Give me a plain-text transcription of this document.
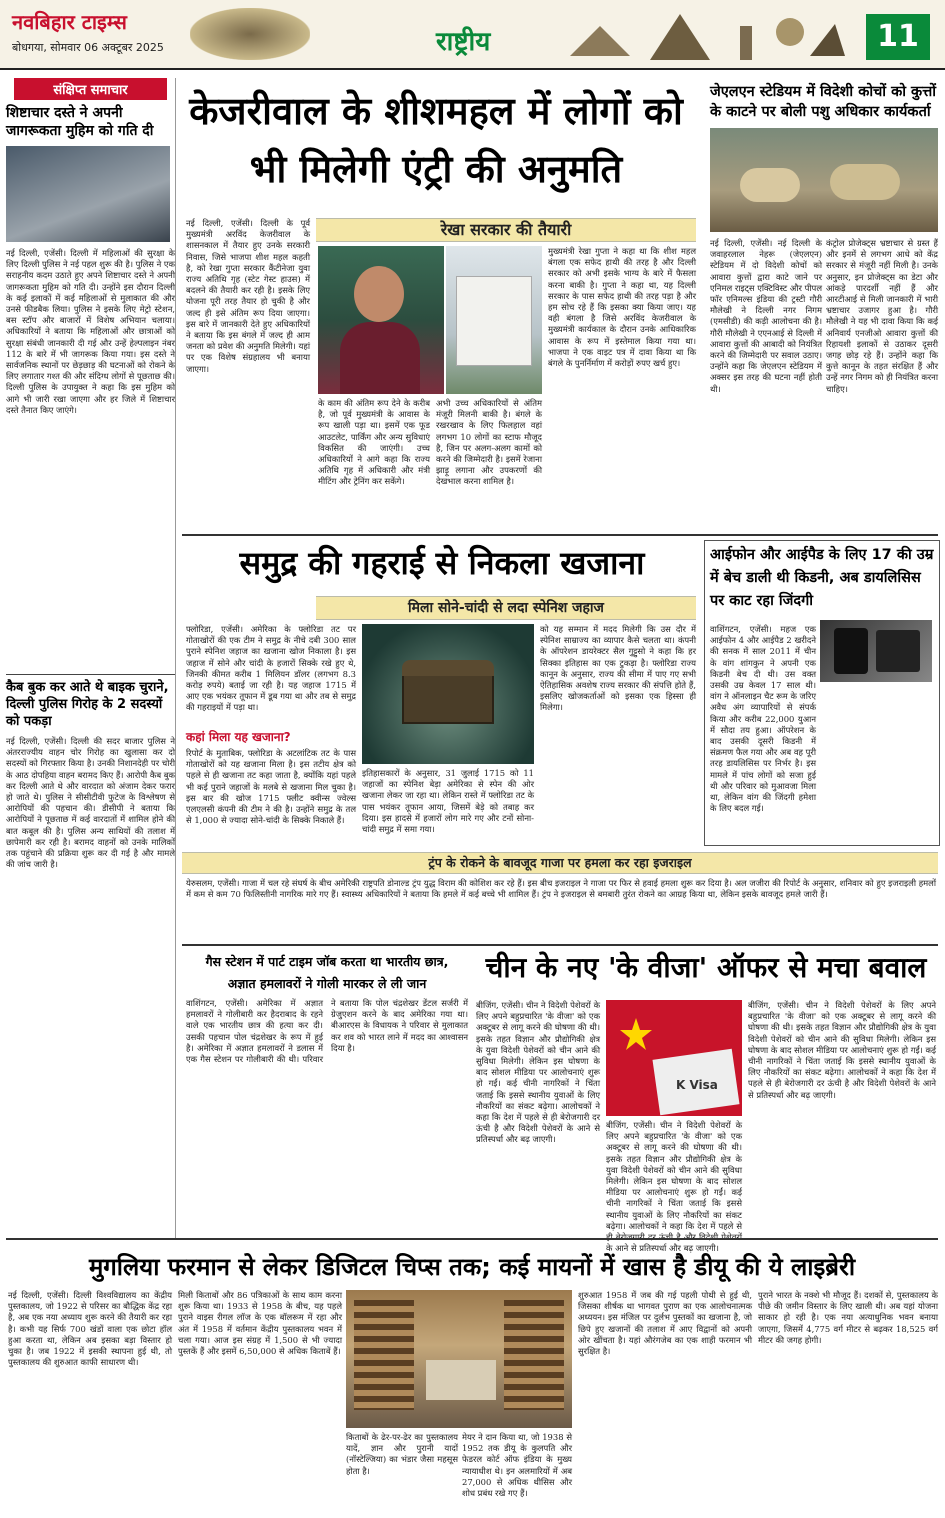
नवबिहार टाइम्स
बोधगया, सोमवार 06 अक्टूबर 2025	राष्ट्रीय	11
संक्षिप्त समाचार
शिष्टाचार दस्ते ने अपनी जागरूकता मुहिम को गति दी
नई दिल्ली, एजेंसी। दिल्ली में महिलाओं की सुरक्षा के लिए दिल्ली पुलिस ने नई पहल शुरू की है। पुलिस ने एक सराहनीय कदम उठाते हुए अपने शिष्टाचार दस्ते ने अपनी जागरूकता मुहिम को गति दी। उन्होंने इस दौरान दिल्ली के कई इलाकों में कई महिलाओं से मुलाकात की और उनसे फीडबैक लिया। पुलिस ने इसके लिए मेट्रो स्टेशन, बस स्टॉप और बाजारों में विशेष अभियान चलाया। अधिकारियों ने बताया कि महिलाओं और छात्राओं को सुरक्षा संबंधी जानकारी दी गई और उन्हें हेल्पलाइन नंबर 112 के बारे में भी जागरूक किया गया। इस दस्ते ने सार्वजनिक स्थानों पर छेड़छाड़ की घटनाओं को रोकने के लिए लगातार गश्त की और संदिग्ध लोगों से पूछताछ की। दिल्ली पुलिस के उपायुक्त ने कहा कि इस मुहिम को आगे भी जारी रखा जाएगा और हर जिले में शिष्टाचार दस्ते तैनात किए जाएंगे।
कैब बुक कर आते थे बाइक चुराने, दिल्ली पुलिस गिरोह के 2 सदस्यों को पकड़ा
नई दिल्ली, एजेंसी। दिल्ली की सदर बाजार पुलिस ने अंतरराज्यीय वाहन चोर गिरोह का खुलासा कर दो सदस्यों को गिरफ्तार किया है। उनकी निशानदेही पर चोरी के आठ दोपहिया वाहन बरामद किए हैं। आरोपी कैब बुक कर दिल्ली आते थे और वारदात को अंजाम देकर फरार हो जाते थे। पुलिस ने सीसीटीवी फुटेज के विश्लेषण से आरोपियों की पहचान की। डीसीपी ने बताया कि आरोपियों ने पूछताछ में कई वारदातों में शामिल होने की बात कबूल की है। पुलिस अन्य साथियों की तलाश में छापेमारी कर रही है। बरामद वाहनों को उनके मालिकों तक पहुंचाने की प्रक्रिया शुरू कर दी गई है और मामले की जांच जारी है।
केजरीवाल के शीशमहल में लोगों को भी मिलेगी एंट्री की अनुमति
रेखा सरकार की तैयारी
नई दिल्ली, एजेंसी। दिल्ली के पूर्व मुख्यमंत्री अरविंद केजरीवाल के शासनकाल में तैयार हुए उनके सरकारी निवास, जिसे भाजपा शीश महल कहती है, को रेखा गुप्ता सरकार कैंटीनेजा युवा राज्य अतिथि गृह (स्टेट गेस्ट हाउस) में बदलने की तैयारी कर रही है। इसके लिए योजना पूरी तरह तैयार हो चुकी है और जल्द ही इसे अंतिम रूप दिया जाएगा। इस बारे में जानकारी देते हुए अधिकारियों ने बताया कि इस बंगले में जल्द ही आम जनता को प्रवेश की अनुमति मिलेगी। यहां पर एक विशेष संग्रहालय भी बनाया जाएगा।
के काम की अंतिम रूप देने के करीब है, जो पूर्व मुख्यमंत्री के आवास के रूप खाली पड़ा था। इसमें एक फूड आउटलेट, पार्किंग और अन्य सुविधाएं विकसित की जाएंगी। उच्च अधिकारियों ने आगे कहा कि राज्य अतिथि गृह में अधिकारी और मंत्री मीटिंग और ट्रेनिंग कर सकेंगे।
अभी उच्च अधिकारियों से अंतिम मंजूरी मिलनी बाकी है। बंगले के रखरखाव के लिए फिलहाल वहां लगभग 10 लोगों का स्टाफ मौजूद है, जिन पर अलग-अलग कामों को करने की जिम्मेदारी है। इसमें रेजाना झाड़ू लगाना और उपकरणों की देखभाल करना शामिल है।
मुख्यमंत्री रेखा गुप्ता ने कहा था कि शीश महल बंगला एक सफेद हाथी की तरह है और दिल्ली सरकार को अभी इसके भाग्य के बारे में फैसला करना बाकी है। गुप्ता ने कहा था, यह दिल्ली सरकार के पास सफेद हाथी की तरह पड़ा है और हम सोच रहे हैं कि इसका क्या किया जाए। यह वही बंगला है जिसे अरविंद केजरीवाल के मुख्यमंत्री कार्यकाल के दौरान उनके आधिकारिक आवास के रूप में इस्तेमाल किया गया था। भाजपा ने एक वाइट पत्र में दावा किया था कि बंगले के पुनर्निर्माण में करोड़ों रुपए खर्च हुए।
जेएलएन स्टेडियम में विदेशी कोचों को कुत्तों के काटने पर बोली पशु अधिकार कार्यकर्ता
नई दिल्ली, एजेंसी। नई दिल्ली के जवाहरलाल नेहरू (जेएलएन) स्टेडियम में दो विदेशी कोचों को आवारा कुत्तों द्वारा काटे जाने पर एनिमल राइट्स एक्टिविस्ट और पीपल फॉर एनिमल्स इंडिया की ट्रस्टी गौरी मौलेखी ने दिल्ली नगर निगम (एमसीडी) की कड़ी आलोचना की है। गौरी मौलेखी ने एएनआई से दिल्ली में आवारा कुत्तों की आबादी को नियंत्रित करने की जिम्मेदारी पर सवाल उठाए। उन्होंने कहा कि जेएलएन स्टेडियम में अक्सर इस तरह की घटना नहीं होती थी।
कंट्रोल प्रोजेक्ट्स भ्रष्टाचार से ग्रस्त हैं और इनमें से लगभग आधे को केंद्र सरकार से मंजूरी नहीं मिली है। उनके अनुसार, इन प्रोजेक्ट्स का डेटा और आंकड़े पारदर्शी नहीं हैं और आरटीआई से मिली जानकारी में भारी भ्रष्टाचार उजागर हुआ है। गौरी मौलेखी ने यह भी दावा किया कि कई अनिवार्य एनजीओ आवारा कुत्तों की रिहायशी इलाकों से उठाकर दूसरी जगह छोड़ रहे हैं। उन्होंने कहा कि कुत्ते कानून के तहत संरक्षित हैं और उन्हें नगर निगम को ही नियंत्रित करना चाहिए।
समुद्र की गहराई से निकला खजाना
मिला सोने-चांदी से लदा स्पेनिश जहाज
फ्लोरिडा, एजेंसी। अमेरिका के फ्लोरिडा तट पर गोताखोरों की एक टीम ने समुद्र के नीचे दबी 300 साल पुराने स्पेनिश जहाज का खजाना खोज निकाला है। इस जहाज में सोने और चांदी के हजारों सिक्के रखे हुए थे, जिनकी कीमत करीब 1 मिलियन डॉलर (लगभग 8.3 करोड़ रुपये) बताई जा रही है। यह जहाज 1715 में आए एक भयंकर तूफान में डूब गया था और तब से समुद्र की गहराइयों में पड़ा था।
कहां मिला यह खजाना?
रिपोर्ट के मुताबिक, फ्लोरिडा के अटलांटिक तट के पास गोताखोरों को यह खजाना मिला है। इस तटीय क्षेत्र को पहले से ही खजाना तट कहा जाता है, क्योंकि यहां पहले भी कई पुराने जहाजों के मलबे से खजाना मिल चुका है। इस बार की खोज 1715 फ्लीट क्वीन्स ज्वेल्स एलएलसी कंपनी की टीम ने की है। उन्होंने समुद्र के तल से 1,000 से ज्यादा सोने-चांदी के सिक्के निकाले हैं।
इतिहासकारों के अनुसार, 31 जुलाई 1715 को 11 जहाजों का स्पेनिश बेड़ा अमेरिका से स्पेन की ओर खजाना लेकर जा रहा था। लेकिन रास्ते में फ्लोरिडा तट के पास भयंकर तूफान आया, जिसमें बेड़े को तबाह कर दिया। इस हादसे में हजारों लोग मारे गए और टनों सोना-चांदी समुद्र में समा गया।
को यह सम्मान में मदद मिलेगी कि उस दौर में स्पेनिश साम्राज्य का व्यापार कैसे चलता था। कंपनी के ऑपरेशन डायरेक्टर सैल गुट्टुसो ने कहा कि हर सिक्का इतिहास का एक टुकड़ा है। फ्लोरिडा राज्य कानून के अनुसार, राज्य की सीमा में पाए गए सभी ऐतिहासिक अवशेष राज्य सरकार की संपत्ति होते हैं, इसलिए खोजकर्ताओं को इसका एक हिस्सा ही मिलेगा।
आईफोन और आईपैड के लिए 17 की उम्र में बेच डाली थी किडनी, अब डायलिसिस पर काट रहा जिंदगी
वाशिंगटन, एजेंसी। महज एक आईफोन 4 और आईपैड 2 खरीदने की सनक में साल 2011 में चीन के वांग शांगकुन ने अपनी एक किडनी बेच दी थी। उस वक्त उसकी उम्र केवल 17 साल थी। वांग ने ऑनलाइन चैट रूम के जरिए अवैध अंग व्यापारियों से संपर्क किया और करीब 22,000 युआन में सौदा तय हुआ। ऑपरेशन के बाद उसकी दूसरी किडनी में संक्रमण फैल गया और अब वह पूरी तरह डायलिसिस पर निर्भर है। इस मामले में पांच लोगों को सजा हुई थी और परिवार को मुआवजा मिला था, लेकिन वांग की जिंदगी हमेशा के लिए बदल गई।
ट्रंप के रोकने के बावजूद गाजा पर हमला कर रहा इजराइल
येरुसलम, एजेंसी। गाजा में चल रहे संघर्ष के बीच अमेरिकी राष्ट्रपति डोनाल्ड ट्रंप युद्ध विराम की कोशिश कर रहे हैं। इस बीच इजराइल ने गाजा पर फिर से हवाई हमला शुरू कर दिया है। अल जजीरा की रिपोर्ट के अनुसार, शनिवार को हुए इजराइली हमलों में कम से कम 70 फिलिस्तीनी नागरिक मारे गए हैं। स्वास्थ्य अधिकारियों ने बताया कि हमले में कई बच्चे भी शामिल हैं। ट्रंप ने इजराइल से बमबारी तुरंत रोकने का आग्रह किया था, लेकिन इसके बावजूद हमले जारी हैं।
गैस स्टेशन में पार्ट टाइम जॉब करता था भारतीय छात्र,
अज्ञात हमलावरों ने गोली मारकर ले ली जान
वाशिंगटन, एजेंसी। अमेरिका में अज्ञात हमलावरों ने गोलीबारी कर हैदराबाद के रहने वाले एक भारतीय छात्र की हत्या कर दी। उसकी पहचान पोल चंद्रशेखर के रूप में हुई है। अमेरिका में अज्ञात हमलावरों ने डलास में एक गैस स्टेशन पर गोलीबारी की थी। परिवार ने बताया कि पोल चंद्रशेखर डेंटल सर्जरी में ग्रेजुएशन करने के बाद अमेरिका गया था। बीआरएस के विधायक ने परिवार से मुलाकात कर शव को भारत लाने में मदद का आश्वासन दिया है।
चीन के नए 'के वीजा' ऑफर से मचा बवाल
K Visa
बीजिंग, एजेंसी। चीन ने विदेशी पेशेवरों के लिए अपने बहुप्रचारित 'के वीजा' को एक अक्टूबर से लागू करने की घोषणा की थी। इसके तहत विज्ञान और प्रौद्योगिकी क्षेत्र के युवा विदेशी पेशेवरों को चीन आने की सुविधा मिलेगी। लेकिन इस घोषणा के बाद सोशल मीडिया पर आलोचनाएं शुरू हो गईं। कई चीनी नागरिकों ने चिंता जताई कि इससे स्थानीय युवाओं के लिए नौकरियों का संकट बढ़ेगा। आलोचकों ने कहा कि देश में पहले से ही बेरोजगारी दर ऊंची है और विदेशी पेशेवरों के आने से प्रतिस्पर्धा और बढ़ जाएगी।
बीजिंग, एजेंसी। चीन ने विदेशी पेशेवरों के लिए अपने बहुप्रचारित 'के वीजा' को एक अक्टूबर से लागू करने की घोषणा की थी। इसके तहत विज्ञान और प्रौद्योगिकी क्षेत्र के युवा विदेशी पेशेवरों को चीन आने की सुविधा मिलेगी। लेकिन इस घोषणा के बाद सोशल मीडिया पर आलोचनाएं शुरू हो गईं। कई चीनी नागरिकों ने चिंता जताई कि इससे स्थानीय युवाओं के लिए नौकरियों का संकट बढ़ेगा। आलोचकों ने कहा कि देश में पहले से के आने से प्रतिस्पर्धा और बढ़ जाएगी।
बीजिंग, एजेंसी। चीन ने विदेशी पेशेवरों के लिए अपने बहुप्रचारित 'के वीजा' को एक अक्टूबर से लागू करने की घोषणा की थी। इसके तहत विज्ञान और प्रौद्योगिकी क्षेत्र के युवा विदेशी पेशेवरों को चीन आने की सुविधा मिलेगी। लेकिन इस घोषणा के बाद सोशल मीडिया पर आलोचनाएं शुरू हो गईं। कई चीनी नागरिकों ने चिंता जताई कि इससे स्थानीय युवाओं के लिए नौकरियों का संकट बढ़ेगा। आलोचकों ने कहा कि देश में पहले से ही बेरोजगारी दर ऊंची है और विदेशी पेशेवरों के आने से प्रतिस्पर्धा और बढ़ जाएगी।
मुगलिया फरमान से लेकर डिजिटल चिप्स तक; कई मायनों में खास है डीयू की ये लाइब्रेरी
नई दिल्ली, एजेंसी। दिल्ली विश्वविद्यालय का केंद्रीय पुस्तकालय, जो 1922 से परिसर का बौद्धिक केंद्र रहा है, अब एक नया अध्याय शुरू करने की तैयारी कर रहा है। कभी यह सिर्फ 700 खंडों वाला एक छोटा हॉल हुआ करता था, लेकिन अब इसका बड़ा विस्तार हो चुका है। जब 1922 में इसकी स्थापना हुई थी, तो पुस्तकालय की शुरुआत काफी साधारण थी।
मिली किताबों और 86 पत्रिकाओं के साथ काम करना शुरू किया था। 1933 से 1958 के बीच, यह पहले पुराने वाइस रीगल लॉज के एक बॉलरूम में रहा और अंत में 1958 में वर्तमान केंद्रीय पुस्तकालय भवन में चला गया। आज इस संग्रह में 1,500 से भी ज्यादा पुस्तकें हैं और इसमें 6,50,000 से अधिक किताबें हैं।
किताबों के ढेर-पर-ढेर का पुस्तकालय यादें, ज्ञान और पुरानी यादों (नॉस्टेल्जिया) का भंडार जैसा महसूस होता है।
मेयर ने दान किया था, जो 1938 से 1952 तक डीयू के कुलपति और फेडरल कोर्ट ऑफ इंडिया के मुख्य न्यायाधीश थे। इन अलमारियों में अब 27,000 से अधिक थीसिस और शोध प्रबंध रखे गए हैं।
शुरुआत 1958 में जब की गई पहली पोथी से हुई थी, जिसका शीर्षक था भागवत पुराण का एक आलोचनात्मक अध्ययन। इस मंजिल पर दुर्लभ पुस्तकों का खजाना है, जो छिपे हुए खजानों की तलाश में आए विद्वानों को अपनी ओर खींचता है। यहां औरंगजेब का एक शाही फरमान भी सुरक्षित है।
पुराने भारत के नक्शे भी मौजूद हैं। दशकों से, पुस्तकालय के पीछे की जमीन विस्तार के लिए खाली थी। अब यहां योजना साकार हो रही है। एक नया अत्याधुनिक भवन बनाया जाएगा, जिसमें 4,775 वर्ग मीटर से बढ़कर 18,525 वर्ग मीटर की जगह होगी।
